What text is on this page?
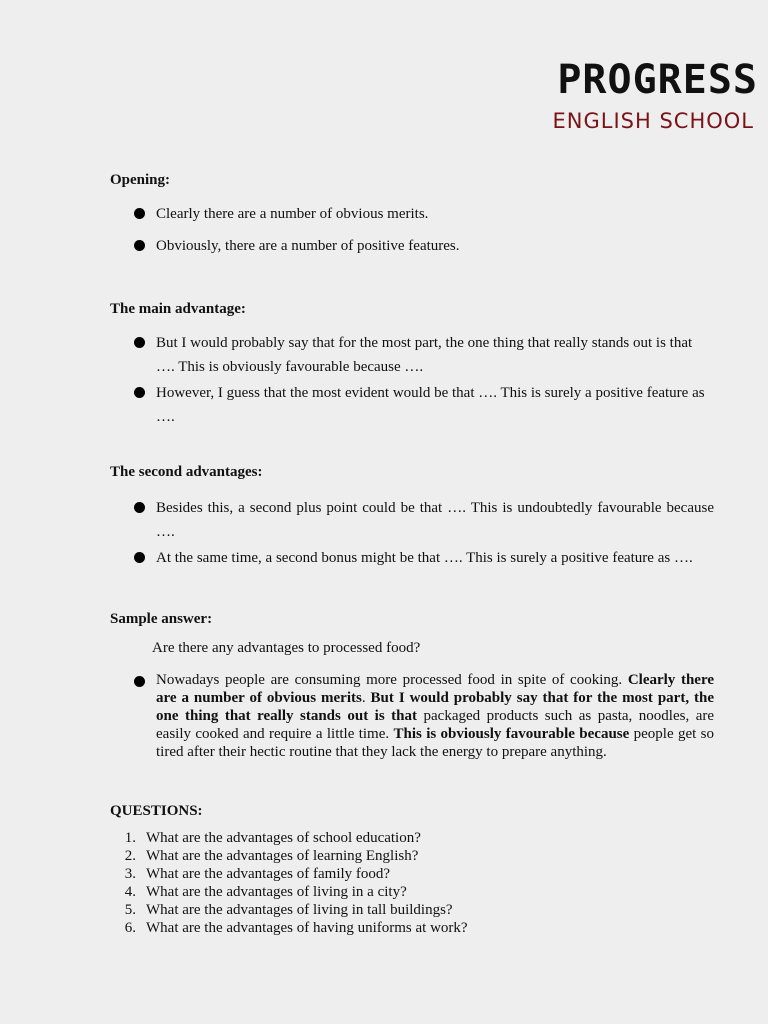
PROGRESS
ENGLISH SCHOOL
Opening:
Clearly there are a number of obvious merits.
Obviously, there are a number of positive features.
The main advantage:
But I would probably say that for the most part, the one thing that really stands out is that …. This is obviously favourable because ….
However, I guess that the most evident would be that …. This is surely a positive feature as ….
The second advantages:
Besides this, a second plus point could be that …. This is undoubtedly favourable because ….
At the same time, a second bonus might be that …. This is surely a positive feature as ….
Sample answer:
Are there any advantages to processed food?
Nowadays people are consuming more processed food in spite of cooking. Clearly there are a number of obvious merits. But I would probably say that for the most part, the one thing that really stands out is that packaged products such as pasta, noodles, are easily cooked and require a little time. This is obviously favourable because people get so tired after their hectic routine that they lack the energy to prepare anything.
QUESTIONS:
1. What are the advantages of school education?
2. What are the advantages of learning English?
3. What are the advantages of family food?
4. What are the advantages of living in a city?
5. What are the advantages of living in tall buildings?
6. What are the advantages of having uniforms at work?
